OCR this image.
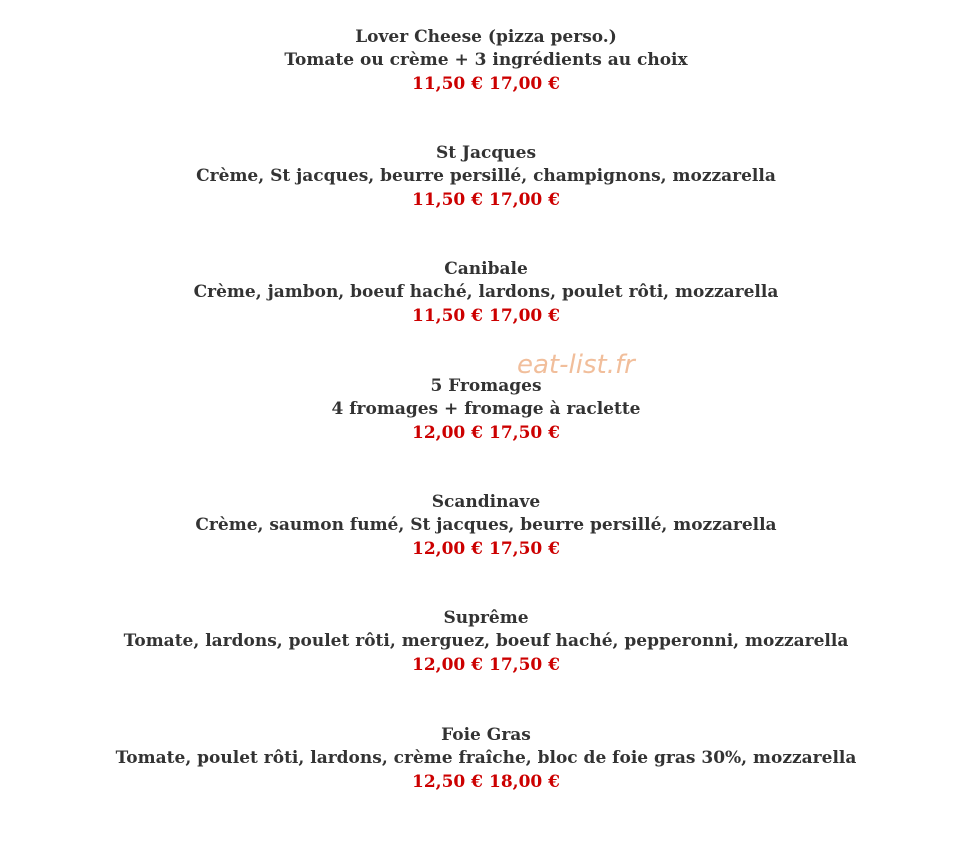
Lover Cheese (pizza perso.)
Tomate ou crème + 3 ingrédients au choix
11,50 € 17,00 €
St Jacques
Crème, St jacques, beurre persillé, champignons, mozzarella
11,50 € 17,00 €
Canibale
Crème, jambon, boeuf haché, lardons, poulet rôti, mozzarella
11,50 € 17,00 €
5 Fromages
4 fromages + fromage à raclette
12,00 € 17,50 €
Scandinave
Crème, saumon fumé, St jacques, beurre persillé, mozzarella
12,00 € 17,50 €
Suprême
Tomate, lardons, poulet rôti, merguez, boeuf haché, pepperonni, mozzarella
12,00 € 17,50 €
Foie Gras
Tomate, poulet rôti, lardons, crème fraîche, bloc de foie gras 30%, mozzarella
12,50 € 18,00 €
eat-list.fr
